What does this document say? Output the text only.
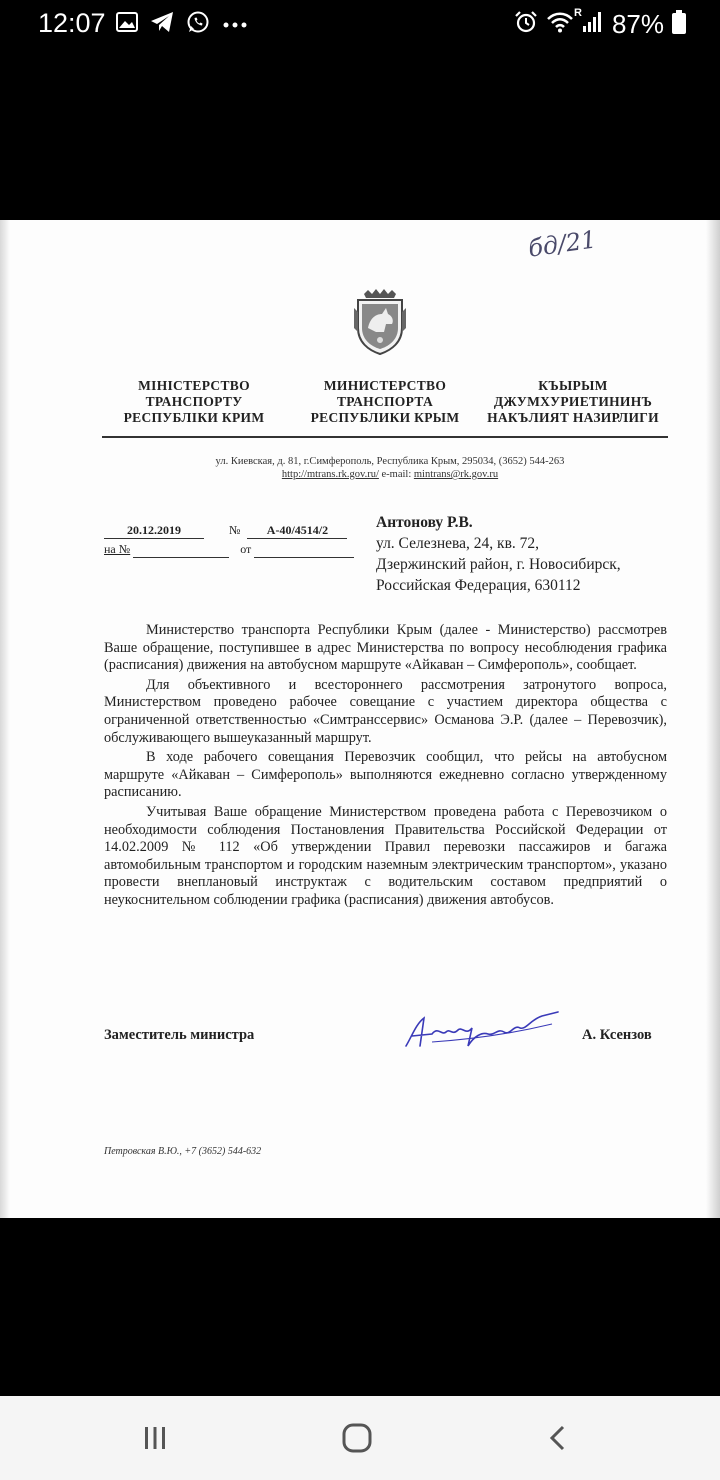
12:07	R 87%
бд/21
МІНІСТЕРСТВО
ТРАНСПОРТУ
РЕСПУБЛІКИ КРИМ
МИНИСТЕРСТВО
ТРАНСПОРТА
РЕСПУБЛИКИ КРЫМ
КЪЫРЫМ
ДЖУМХУРИЕТИНИНЪ
НАКЪЛИЯТ НАЗИРЛИГИ
ул. Киевская, д. 81, г.Симферополь, Республика Крым, 295034, (3652) 544-263
http://mtrans.rk.gov.ru/ e-mail: mintrans@rk.gov.ru
20.12.2019	№ А-40/4514/2
на №	от
Антонову Р.В.
ул. Селезнева, 24, кв. 72,
Дзержинский район, г. Новосибирск,
Российская Федерация, 630112

Министерство транспорта Республики Крым (далее - Министерство) рассмотрев Ваше обращение, поступившее в адрес Министерства по вопросу несоблюдения графика (расписания) движения на автобусном маршруте «Айкаван – Симферополь», сообщает.

Для объективного и всестороннего рассмотрения затронутого вопроса, Министерством проведено рабочее совещание с участием директора общества с ограниченной ответственностью «Симтранссервис» Османова Э.Р. (далее – Перевозчик), обслуживающего вышеуказанный маршрут.

В ходе рабочего совещания Перевозчик сообщил, что рейсы на автобусном маршруте «Айкаван – Симферополь» выполняются ежедневно согласно утвержденному расписанию.

Учитывая Ваше обращение Министерством проведена работа с Перевозчиком о необходимости соблюдения Постановления Правительства Российской Федерации от 14.02.2009 № 112 «Об утверждении Правил перевозки пассажиров и багажа автомобильным транспортом и городским наземным электрическим транспортом», указано провести внеплановый инструктаж с водительским составом предприятий о неукоснительном соблюдении графика (расписания) движения автобусов.

Заместитель министра	А. Ксензов
Петровская В.Ю., +7 (3652) 544-632
